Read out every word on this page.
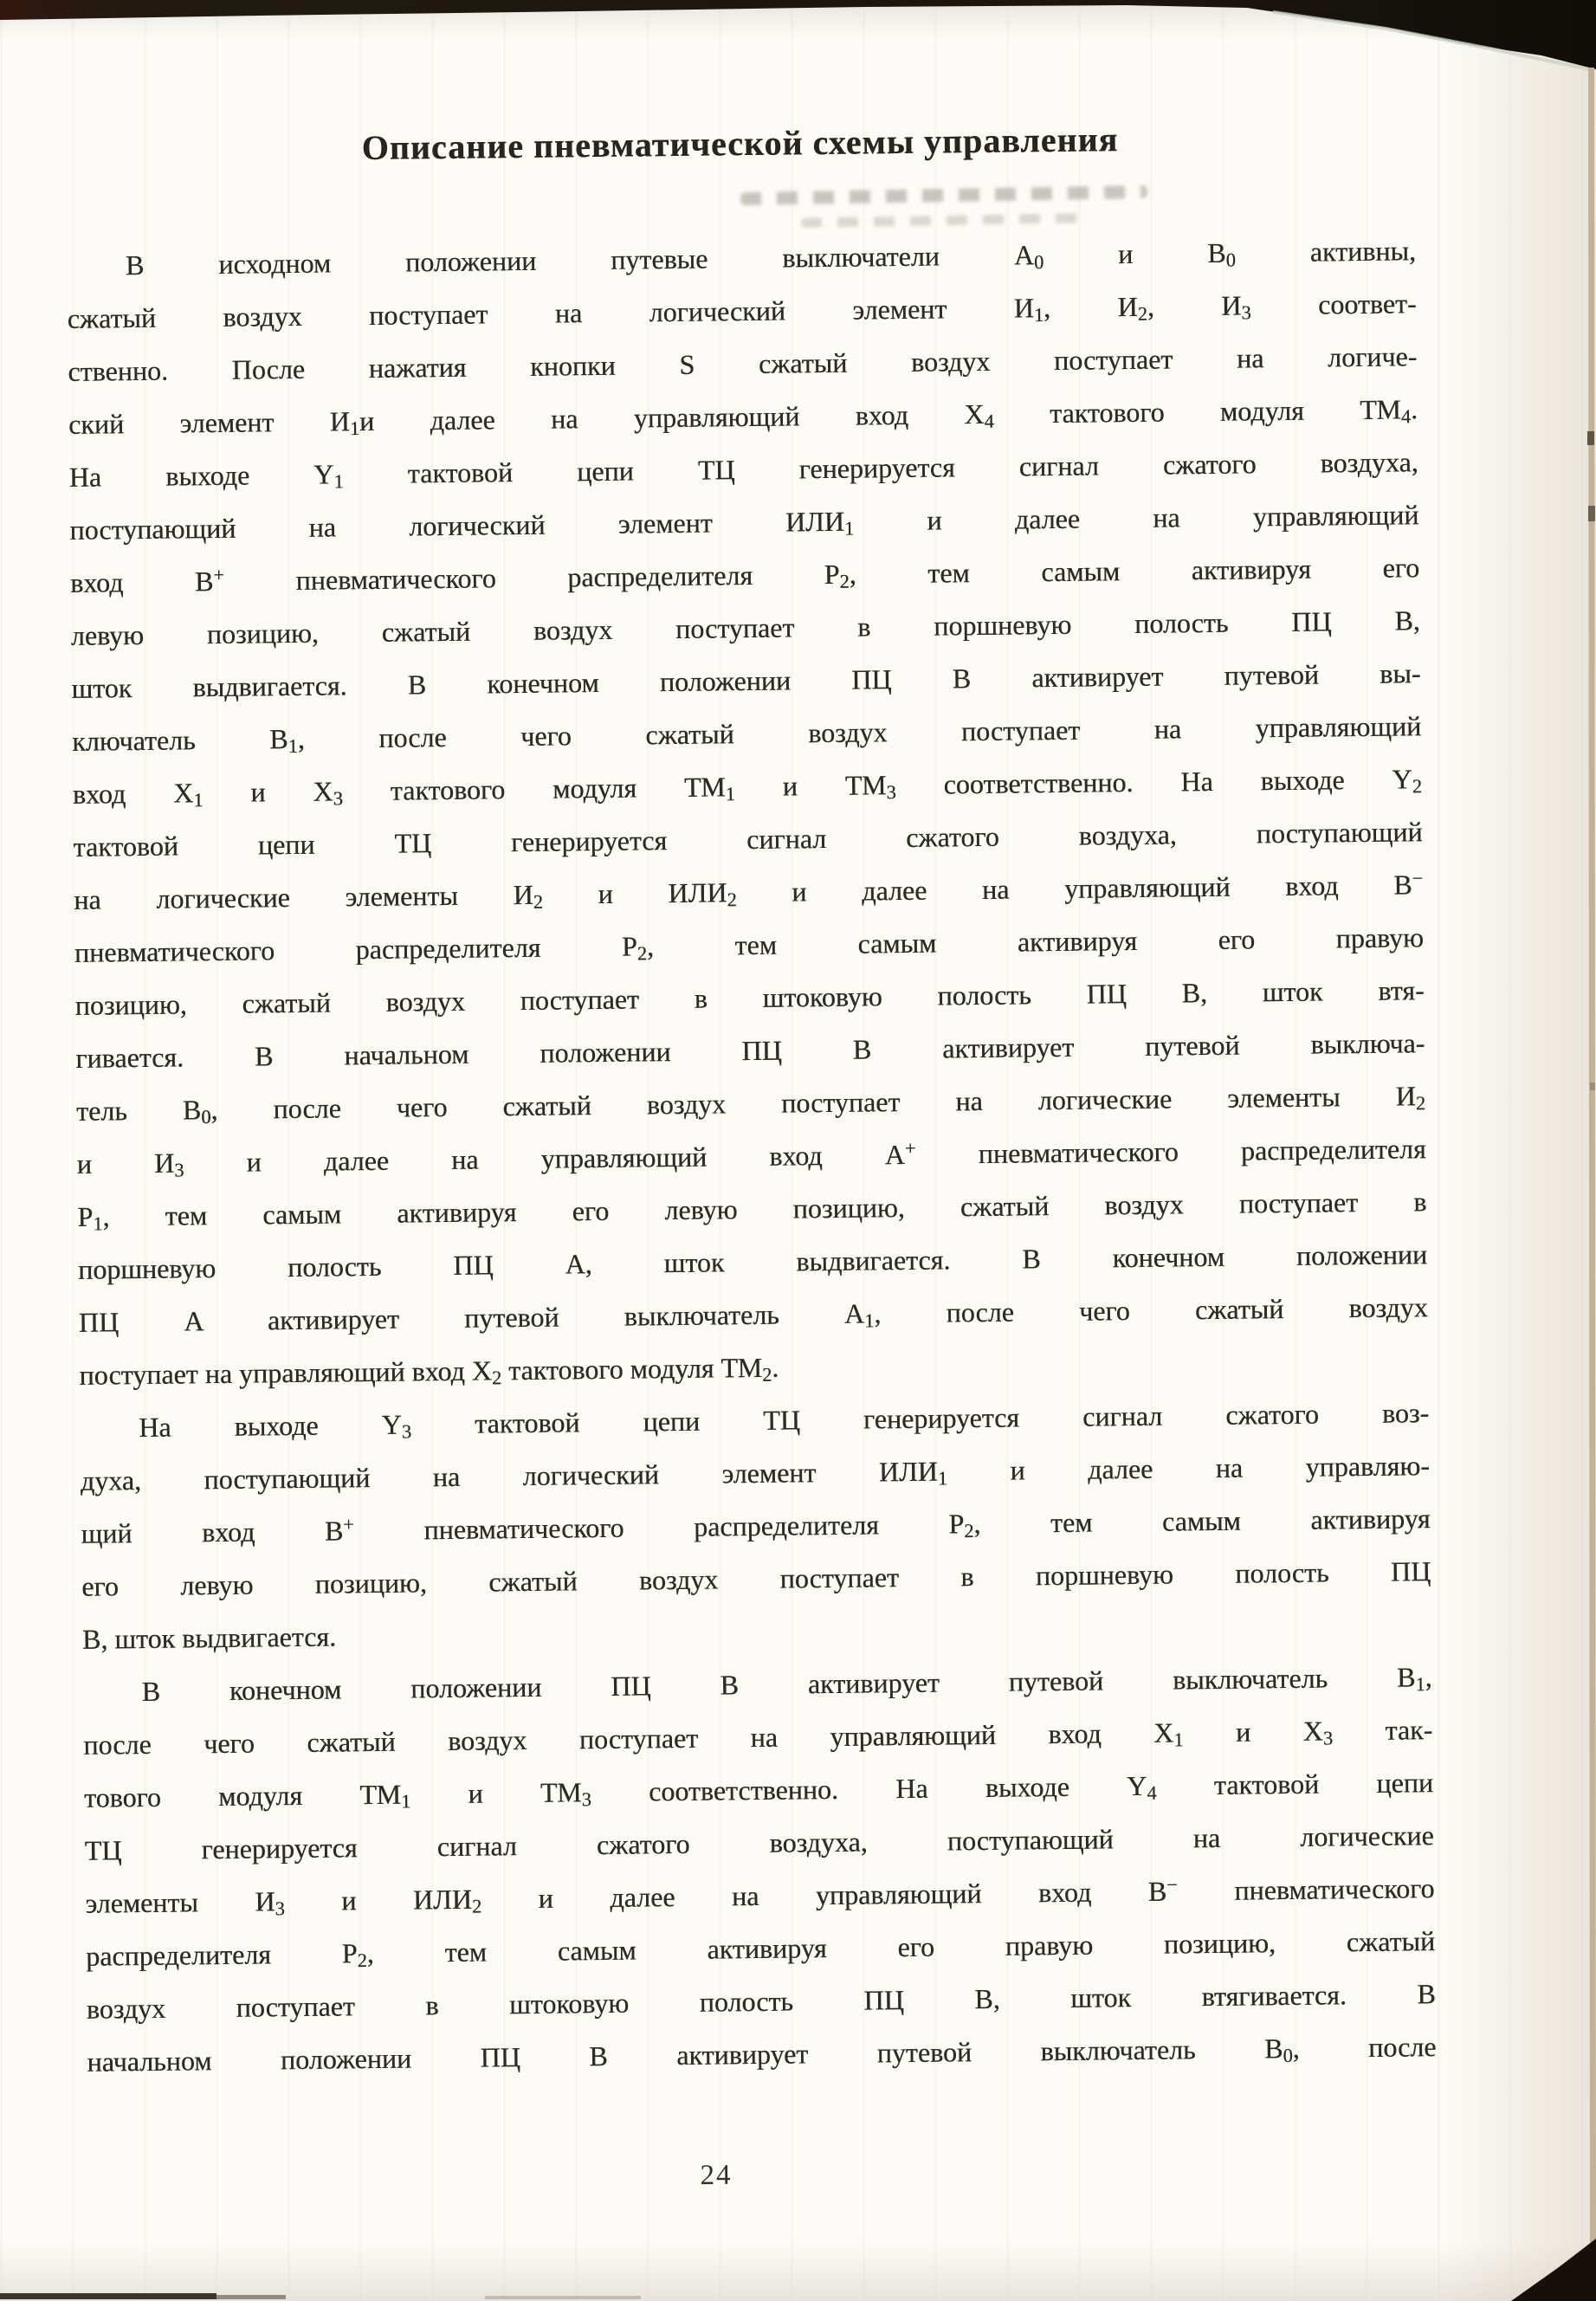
Описание пневматической схемы управления
В исходном положении путевые выключатели $A_0$ и $B_0$ активны,
сжатый воздух поступает на логический элемент $И_1$, $И_2$, $И_3$ соответ-
ственно. После нажатия кнопки S сжатый воздух поступает на логиче-
ский элемент $И_1и$ далее на управляющий вход $X_4$ тактового модуля $ТМ_4$.
На выходе $Y_1$ тактовой цепи ТЦ генерируется сигнал сжатого воздуха,
поступающий на логический элемент $ИЛИ_1$ и далее на управляющий
вход B+ пневматического распределителя $P_2$, тем самым активируя его
левую позицию, сжатый воздух поступает в поршневую полость ПЦ В,
шток выдвигается. В конечном положении ПЦ В активирует путевой вы-
ключатель $B_1$, после чего сжатый воздух поступает на управляющий
вход $X_1$ и $X_3$ тактового модуля $ТМ_1$ и $ТМ_3$ соответственно. На выходе $Y_2$
тактовой цепи ТЦ генерируется сигнал сжатого воздуха, поступающий
на логические элементы $И_2$ и $ИЛИ_2$ и далее на управляющий вход B−
пневматического распределителя $P_2$, тем самым активируя его правую
позицию, сжатый воздух поступает в штоковую полость ПЦ В, шток втя-
гивается. В начальном положении ПЦ В активирует путевой выключа-
тель $B_0$, после чего сжатый воздух поступает на логические элементы $И_2$
и $И_3$ и далее на управляющий вход A+ пневматического распределителя
$P_1$, тем самым активируя его левую позицию, сжатый воздух поступает в
поршневую полость ПЦ A, шток выдвигается. В конечном положении
ПЦ A активирует путевой выключатель $A_1$, после чего сжатый воздух
поступает на управляющий вход $X_2$ тактового модуля $ТМ_2$.
На выходе $Y_3$ тактовой цепи ТЦ генерируется сигнал сжатого воз-
духа, поступающий на логический элемент $ИЛИ_1$ и далее на управляю-
щий вход B+ пневматического распределителя $P_2$, тем самым активируя
его левую позицию, сжатый воздух поступает в поршневую полость ПЦ
В, шток выдвигается.
В конечном положении ПЦ В активирует путевой выключатель $B_1$,
после чего сжатый воздух поступает на управляющий вход $X_1$ и $X_3$ так-
тового модуля $ТМ_1$ и $ТМ_3$ соответственно. На выходе $Y_4$ тактовой цепи
ТЦ генерируется сигнал сжатого воздуха, поступающий на логические
элементы $И_3$ и $ИЛИ_2$ и далее на управляющий вход B− пневматического
распределителя $P_2$, тем самым активируя его правую позицию, сжатый
воздух поступает в штоковую полость ПЦ В, шток втягивается. В
начальном положении ПЦ В активирует путевой выключатель $B_0$, после
24
